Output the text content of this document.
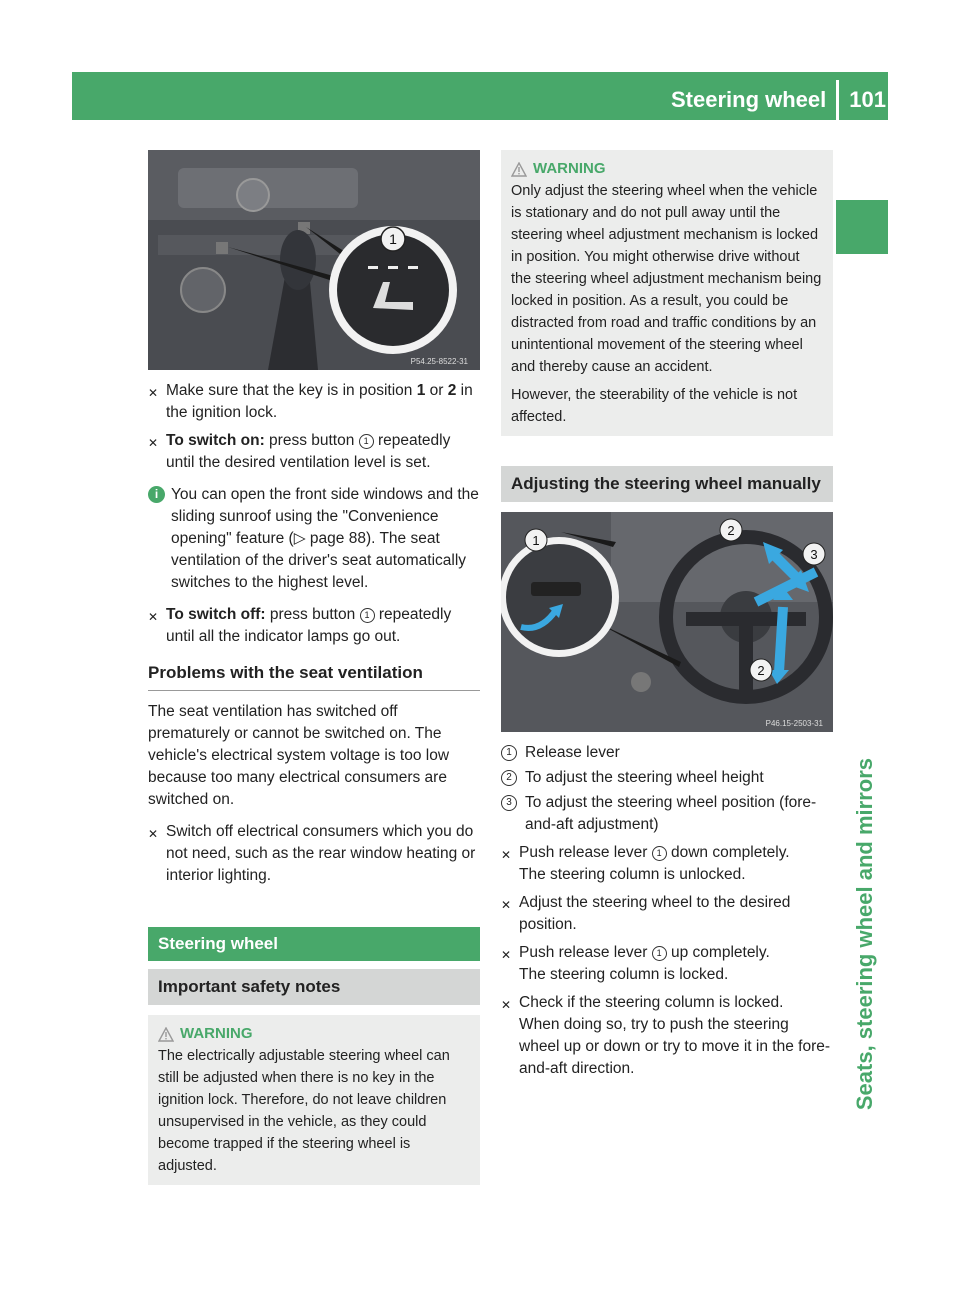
Steering wheel 101
Seats, steering wheel and mirrors
1
P54.25-8522-31
✕ Make sure that the key is in position 1 or 2 in the ignition lock.
✕ To switch on: press button 1 repeatedly until the desired ventilation level is set.
i You can open the front side windows and the sliding sunroof using the "Convenience opening" feature (▷ page 88). The seat ventilation of the driver's seat automatically switches to the highest level.
✕ To switch off: press button 1 repeatedly until all the indicator lamps go out.
Problems with the seat ventilation
The seat ventilation has switched off prematurely or cannot be switched on. The vehicle's electrical system voltage is too low because too many electrical consumers are switched on.
✕ Switch off electrical consumers which you do not need, such as the rear window heating or interior lighting.
Steering wheel
Important safety notes
WARNING
The electrically adjustable steering wheel can still be adjusted when there is no key in the ignition lock. Therefore, do not leave children unsupervised in the vehicle, as they could become trapped if the steering wheel is adjusted.
WARNING
Only adjust the steering wheel when the vehicle is stationary and do not pull away until the steering wheel adjustment mechanism is locked in position. You might otherwise drive without the steering wheel adjustment mechanism being locked in position. As a result, you could be distracted from road and traffic conditions by an unintentional movement of the steering wheel and thereby cause an accident.
However, the steerability of the vehicle is not affected.
Adjusting the steering wheel manually
1
2
3
2
P46.15-2503-31
1 Release lever
2 To adjust the steering wheel height
3 To adjust the steering wheel position (fore-and-aft adjustment)
✕ Push release lever 1 down completely.
The steering column is unlocked.
✕ Adjust the steering wheel to the desired position.
✕ Push release lever 1 up completely.
The steering column is locked.
✕ Check if the steering column is locked.
When doing so, try to push the steering wheel up or down or try to move it in the fore-and-aft direction.
